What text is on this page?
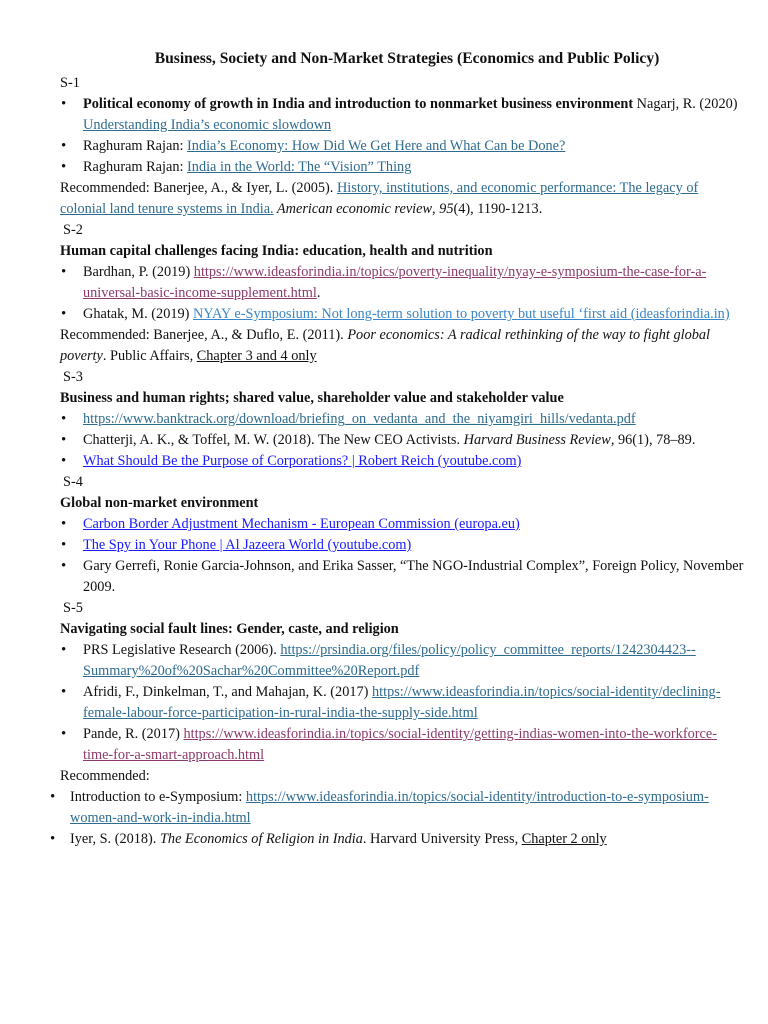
Business, Society and Non-Market Strategies (Economics and Public Policy)
S-1
• Political economy of growth in India and introduction to nonmarket business environment Nagarj, R. (2020) Understanding India’s economic slowdown
• Raghuram Rajan: India’s Economy: How Did We Get Here and What Can be Done?
• Raghuram Rajan: India in the World: The “Vision” Thing

Recommended: Banerjee, A., & Iyer, L. (2005). History, institutions, and economic performance: The legacy of colonial land tenure systems in India. American economic review, 95(4), 1190-1213.

S-2
Human capital challenges facing India: education, health and nutrition
• Bardhan, P. (2019) https://www.ideasforindia.in/topics/poverty-inequality/nyay-e-symposium-the-case-for-a-universal-basic-income-supplement.html.
• Ghatak, M. (2019) NYAY e-Symposium: Not long-term solution to poverty but useful ‘first aid (ideasforindia.in)

Recommended: Banerjee, A., & Duflo, E. (2011). Poor economics: A radical rethinking of the way to fight global poverty. Public Affairs, Chapter 3 and 4 only

S-3
Business and human rights; shared value, shareholder value and stakeholder value
• https://www.banktrack.org/download/briefing_on_vedanta_and_the_niyamgiri_hills/vedanta.pdf
• Chatterji, A. K., & Toffel, M. W. (2018). The New CEO Activists. Harvard Business Review, 96(1), 78–89.
• What Should Be the Purpose of Corporations? | Robert Reich (youtube.com)
S-4
Global non-market environment
• Carbon Border Adjustment Mechanism - European Commission (europa.eu)
• The Spy in Your Phone | Al Jazeera World (youtube.com)
• Gary Gerrefi, Ronie Garcia-Johnson, and Erika Sasser, “The NGO-Industrial Complex”, Foreign Policy, November 2009.
S-5
Navigating social fault lines: Gender, caste, and religion
• PRS Legislative Research (2006). https://prsindia.org/files/policy/policy_committee_reports/1242304423--Summary%20of%20Sachar%20Committee%20Report.pdf
• Afridi, F., Dinkelman, T., and Mahajan, K. (2017) https://www.ideasforindia.in/topics/social-identity/declining-female-labour-force-participation-in-rural-india-the-supply-side.html
• Pande, R. (2017) https://www.ideasforindia.in/topics/social-identity/getting-indias-women-into-the-workforce-time-for-a-smart-approach.html

Recommended:

• Introduction to e-Symposium: https://www.ideasforindia.in/topics/social-identity/introduction-to-e-symposium-women-and-work-in-india.html
• Iyer, S. (2018). The Economics of Religion in India. Harvard University Press, Chapter 2 only
